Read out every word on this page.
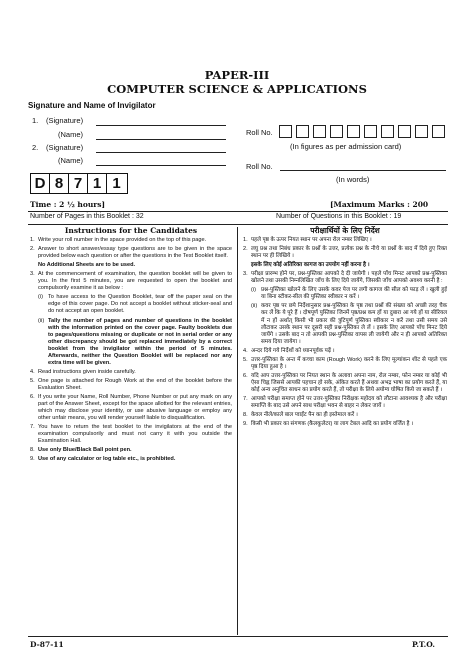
PAPER-III
COMPUTER SCIENCE & APPLICATIONS
Signature and Name of Invigilator
1. (Signature)
(Name)
2. (Signature)
(Name)
Roll No.
(In figures as per admission card)
Roll No.
(In words)
D 8 7 1 1
Time : 2 ½ hours]	[Maximum Marks : 200
Number of Pages in this Booklet : 32	Number of Questions in this Booklet : 19
Instructions for the Candidates

1. Write your roll number in the space provided on the top of this page.

2. Answer to short answer/essay type questions are to be given in the space provided below each question or after the questions in the Test Booklet itself.

No Additional Sheets are to be used.

3. At the commencement of examination, the question booklet will be given to you. In the first 5 minutes, you are requested to open the booklet and compulsorily examine it as below :

(i) To have access to the Question Booklet, tear off the paper seal on the edge of this cover page. Do not accept a booklet without sticker-seal and do not accept an open booklet.
(ii) Tally the number of pages and number of questions in the booklet with the information printed on the cover page. Faulty booklets due to pages/questions missing or duplicate or not in serial order or any other discrepancy should be got replaced immediately by a correct booklet from the invigilator within the period of 5 minutes. Afterwards, neither the Question Booklet will be replaced nor any extra time will be given.

4. Read instructions given inside carefully.

5. One page is attached for Rough Work at the end of the booklet before the Evaluation Sheet.

6. If you write your Name, Roll Number, Phone Number or put any mark on any part of the Answer Sheet, except for the space allotted for the relevant entries, which may disclose your identity, or use abusive language or employ any other unfair means, you will render yourself liable to disqualification.

7. You have to return the test booklet to the invigilators at the end of the examination compulsorily and must not carry it with you outside the Examination Hall.

8. Use only Blue/Black Ball point pen.

9. Use of any calculator or log table etc., is prohibited.

परीक्षार्थियों के लिए निर्देश

1. पहले पृष्ठ के ऊपर नियत स्थान पर अपना रोल नम्बर लिखिए ।

2. लघु प्रश्न तथा निबंध प्रकार के प्रश्नों के उत्तर, प्रत्येक प्रश्न के नीचे या प्रश्नों के बाद में दिये हुए रिक्त स्थान पर ही लिखिये ।

इसके लिए कोई अतिरिक्त कागज का उपयोग नहीं करना है ।

3. परीक्षा प्रारम्भ होने पर, प्रश्न-पुस्तिका आपको दे दी जायेगी । पहले पाँच मिनट आपको प्रश्न-पुस्तिका खोलने तथा उसकी निम्नलिखित जाँच के लिए दिये जायेंगे, जिसकी जाँच आपको अवश्य करनी है :

(i) प्रश्न-पुस्तिका खोलने के लिए उसके कवर पेज पर लगी कागज की सील को फाड़ लें । खुली हुई या बिना स्टीकर-सील की पुस्तिका स्वीकार न करें ।
(ii) कवर पृष्ठ पर छपे निर्देशानुसार प्रश्न-पुस्तिका के पृष्ठ तथा प्रश्नों की संख्या को अच्छी तरह चैक कर लें कि ये पूरे हैं । दोषपूर्ण पुस्तिका जिनमें पृष्ठ/प्रश्न कम हों या दुबारा आ गये हों या सीरियल में न हों अर्थात् किसी भी प्रकार की त्रुटिपूर्ण पुस्तिका स्वीकार न करें तथा उसी समय उसे लौटाकर उसके स्थान पर दूसरी सही प्रश्न-पुस्तिका ले लें । इसके लिए आपको पाँच मिनट दिये जायेंगे । उसके बाद न तो आपकी प्रश्न-पुस्तिका वापस ली जायेगी और न ही आपको अतिरिक्त समय दिया जायेगा ।

4. अन्दर दिये गये निर्देशों को ध्यानपूर्वक पढ़ें ।

5. उत्तर-पुस्तिका के अन्त में कच्चा काम (Rough Work) करने के लिए मूल्यांकन शीट से पहले एक पृष्ठ दिया हुआ है ।

6. यदि आप उत्तर-पुस्तिका पर नियत स्थान के अलावा अपना नाम, रोल नम्बर, फोन नम्बर या कोई भी ऐसा चिह्न जिससे आपकी पहचान हो सके, अंकित करते हैं अथवा अभद्र भाषा का प्रयोग करते हैं, या कोई अन्य अनुचित साधन का प्रयोग करते हैं, तो परीक्षा के लिये अयोग्य घोषित किये जा सकते हैं ।

7. आपको परीक्षा समाप्त होने पर उत्तर-पुस्तिका निरीक्षक महोदय को लौटाना आवश्यक है और परीक्षा समाप्ति के बाद उसे अपने साथ परीक्षा भवन से बाहर न लेकर जायें ।

8. केवल नीले/काले बाल प्वाईंट पैन का ही इस्तेमाल करें ।

9. किसी भी प्रकार का संगणक (कैलकुलेटर) या लाग टेबल आदि का प्रयोग वर्जित है ।

D-87-11	P.T.O.
